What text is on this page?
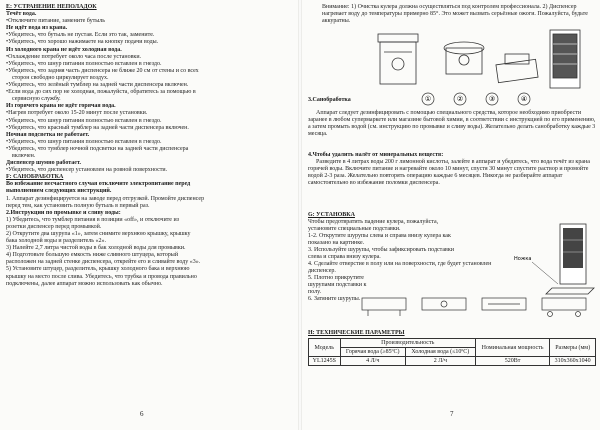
E: УСТРАНЕНИЕ НЕПОЛАДОК
Течёт вода.
• Отключите питание, замените бутыль
Не идёт вода из крана.
• Убедитесь, что бутыль не пустая. Если это так, замените.
• Убедитесь, что хорошо нажимаете на кнопку подачи воды.
Из холодного крана не идёт холодная вода.
• Охлаждение потребует около часа после установки.
• Убедитесь, что шнур питания полностью вставлен в гнездо.
• Убедитесь, что задняя часть диспенсера не ближе 20 см от стены и со всех
сторон свободно циркулирует воздух.
• Убедитесь, что зелёный тумблер на задней части диспенсера включен.
• Если вода до сих пор не холодная, пожалуйста, обратитесь за помощью в
сервисную службу.
Из горячего крана не идёт горячая вода.
• Нагрев потребует около 15-20 минут после установки.
• Убедитесь, что шнур питания полностью вставлен в гнездо.
• Убедитесь, что красный тумблер на задней части диспенсера включен.
Ночная подсветка не работает.
• Убедитесь, что шнур питания полностью вставлен в гнездо.
• Убедитесь, что тумблер ночной подсветки на задней части диспенсера
включен.
Диспенсер шумно работает.
• Убедитесь, что диспенсер установлен на ровной поверхности.
F: САНОБРАБОТКА
Во избежание несчастного случая отключите электропитание перед
выполнением следующих инструкций.
1. Аппарат дезинфицируется на заводе перед отгрузкой. Промойте диспенсер
перед тем, как установить полную бутыль в первый раз.
2.Инструкции по промывке и сливу воды:
1) Убедитесь, что тумблер питания в позиции «off», и отключите из
розетки диспенсер перед промывкой.
2) Открутите два шурупа «1», затем снимите верхнюю крышку, крышку
бака холодной воды и разделитель «2».
3) Налейте 2,7 литра чистой воды в бак холодной воды для промывки.
4) Подготовьте большую емкость ниже сливного штуцера, который
расположен на задней стенке диспенсера, открейте его и сливайте воду «3».
5) Установите штуцер, разделитель, крышку холодного бака и верхнюю
крышку на место после слива. Убедитесь, что трубка и провода правильно
подключены, далее аппарат можно использовать как обычно.
6
Внимание: 1) Очистка кулера должна осуществляться под контролем профессионала. 2) Диспенсер нагревает воду до температуры примерно 85°. Это может вызвать серьёзные ожоги. Пожалуйста, будьте аккуратны.
3.Санобработка
Аппарат следует дезинфицировать с помощью специального средства, которое необходимо приобрести заранее в любом супермаркете или магазине бытовой химии, в соответствии с инструкцией по его применению, а затем промыть водой (см. инструкцию по промывке и сливу воды). Желательно делать санобработку каждые 3 месяца.
①	②	③	④
4.Чтобы удалить налёт от минеральных веществ:
Разведите в 4 литрах воды 200 г лимонной кислоты, залейте в аппарат и убедитесь, что вода течёт из крана горячей воды. Включите питание и нагревайте около 10 минут, спустя 30 минут спустите раствор и промойте водой 2-3 раза. Желательно повторять операцию каждые 6 месяцев. Никогда не разбирайте аппарат самостоятельно во избежание поломки диспенсера.
G: УСТАНОВКА
Чтобы предотвратить падение кулера, пожалуйста,
установите специальные подставки.
1-2. Открутите шурупы слева и справа внизу кулера как
показано на картинке.
3. Используйте шурупы, чтобы зафиксировать подставки
слева и справа внизу кулера.
4. Сделайте отверстие в полу или на поверхности, где будет установлен
диспенсер.
5. Плотно прикрутите
шурупами подставки к
полу.
6. Затяните шурупы.
Ножка
H: ТЕХНИЧЕСКИЕ ПАРАМЕТРЫ
Модель	Производительность		Номинальная мощность	Размеры (мм)
	Горячая вода (≥85ºС)	Холодная вода (≤10ºС)		
YL1245S	4 Л/ч	2 Л/ч	520Вт	310x360x1040
7
